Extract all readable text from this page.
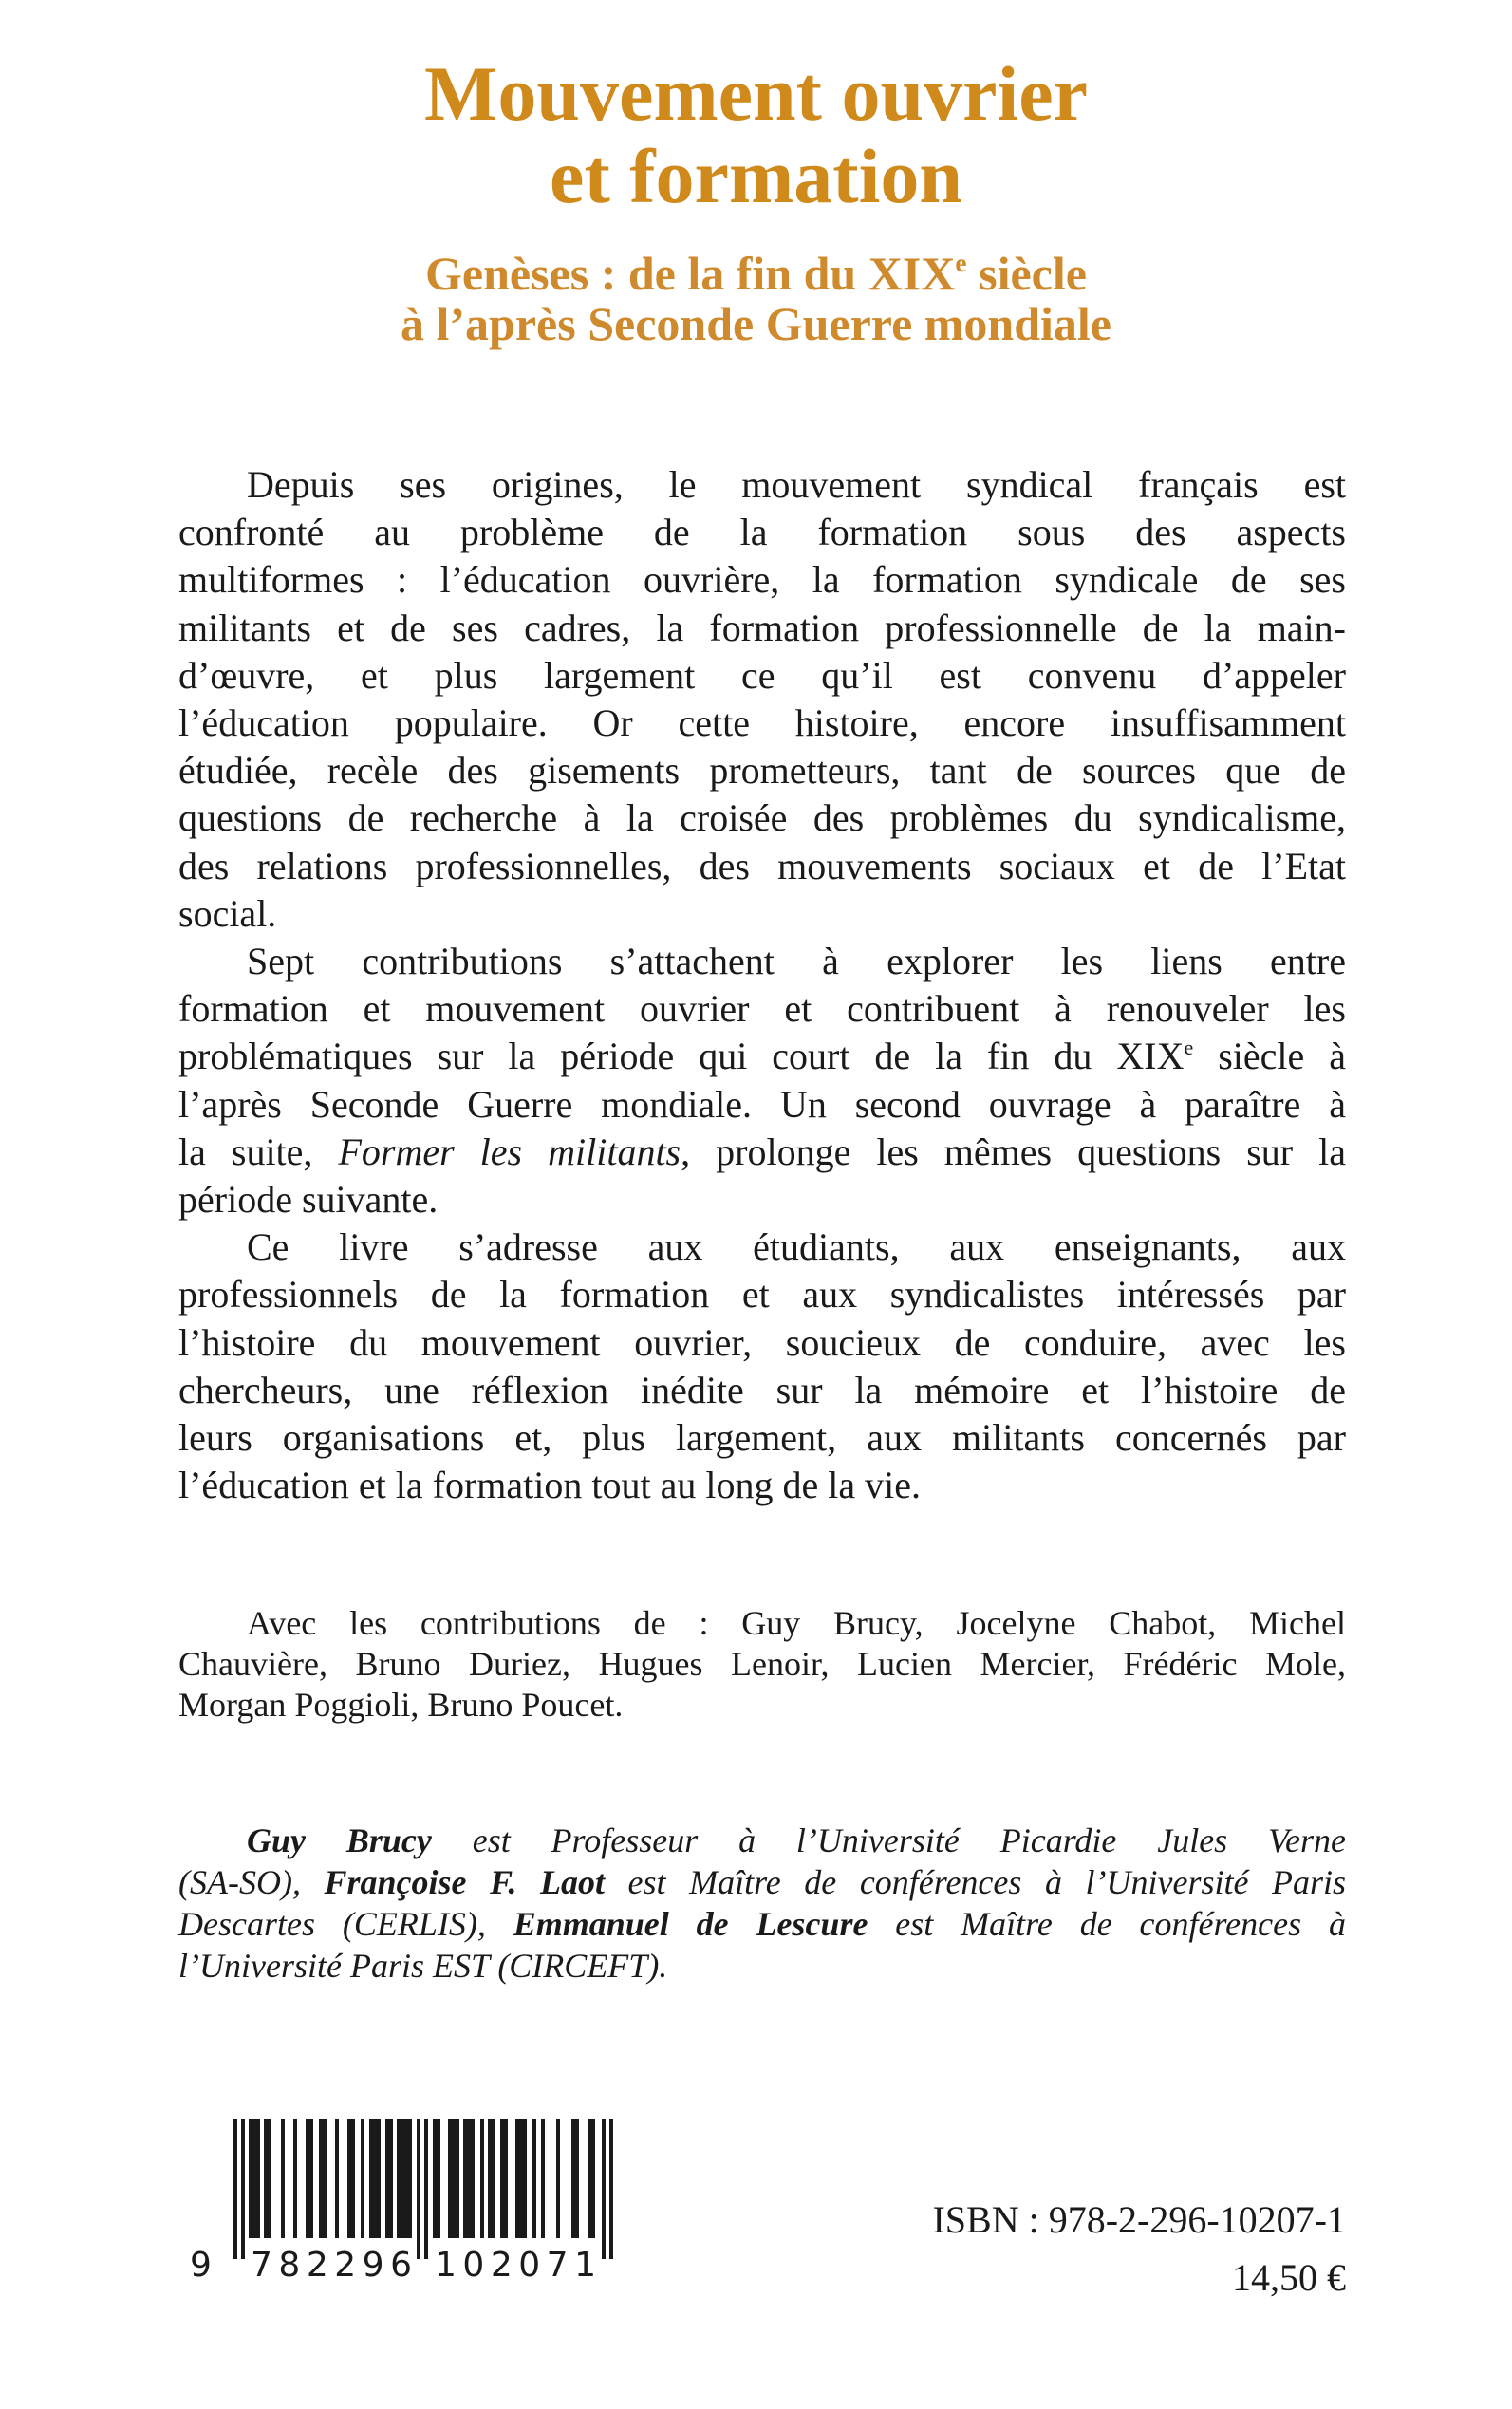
Mouvement ouvrier
et formation
Genèses : de la fin du XIXe siècle
à l’après Seconde Guerre mondiale
Depuis ses origines, le mouvement syndical français est
confronté au problème de la formation sous des aspects
multiformes : l’éducation ouvrière, la formation syndicale de ses
militants et de ses cadres, la formation professionnelle de la main-
d’œuvre, et plus largement ce qu’il est convenu d’appeler
l’éducation populaire. Or cette histoire, encore insuffisamment
étudiée, recèle des gisements prometteurs, tant de sources que de
questions de recherche à la croisée des problèmes du syndicalisme,
des relations professionnelles, des mouvements sociaux et de l’Etat
social.
Sept contributions s’attachent à explorer les liens entre
formation et mouvement ouvrier et contribuent à renouveler les
problématiques sur la période qui court de la fin du XIXe siècle à
l’après Seconde Guerre mondiale. Un second ouvrage à paraître à
la suite, Former les militants, prolonge les mêmes questions sur la
période suivante.
Ce livre s’adresse aux étudiants, aux enseignants, aux
professionnels de la formation et aux syndicalistes intéressés par
l’histoire du mouvement ouvrier, soucieux de conduire, avec les
chercheurs, une réflexion inédite sur la mémoire et l’histoire de
leurs organisations et, plus largement, aux militants concernés par
l’éducation et la formation tout au long de la vie.
Avec les contributions de : Guy Brucy, Jocelyne Chabot, Michel
Chauvière, Bruno Duriez, Hugues Lenoir, Lucien Mercier, Frédéric Mole,
Morgan Poggioli, Bruno Poucet.
Guy Brucy est Professeur à l’Université Picardie Jules Verne
(SA-SO), Françoise F. Laot est Maître de conférences à l’Université Paris
Descartes (CERLIS), Emmanuel de Lescure est Maître de conférences à
l’Université Paris EST (CIRCEFT).
9 782296 102071
ISBN : 978-2-296-10207-1
14,50 €
